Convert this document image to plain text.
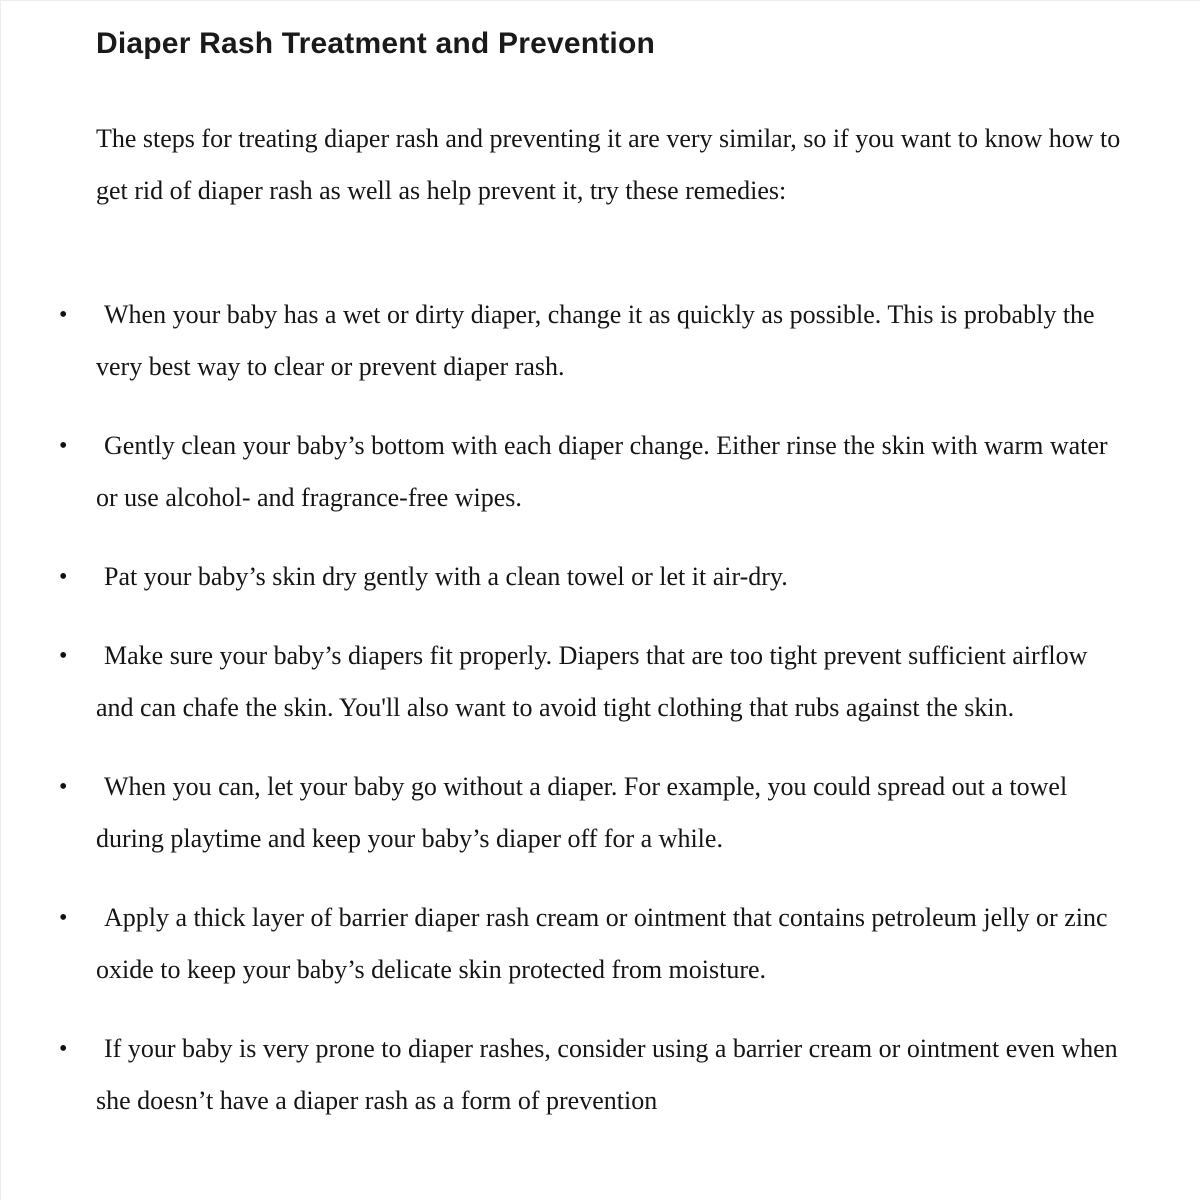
Diaper Rash Treatment and Prevention

The steps for treating diaper rash and preventing it are very similar, so if you want to know how to get rid of diaper rash as well as help prevent it, try these remedies:

• When your baby has a wet or dirty diaper, change it as quickly as possible. This is probably the very best way to clear or prevent diaper rash.
• Gently clean your baby’s bottom with each diaper change. Either rinse the skin with warm water or use alcohol- and fragrance-free wipes.
• Pat your baby’s skin dry gently with a clean towel or let it air-dry.
• Make sure your baby’s diapers fit properly. Diapers that are too tight prevent sufficient airflow and can chafe the skin. You'll also want to avoid tight clothing that rubs against the skin.
• When you can, let your baby go without a diaper. For example, you could spread out a towel during playtime and keep your baby’s diaper off for a while.
• Apply a thick layer of barrier diaper rash cream or ointment that contains petroleum jelly or zinc oxide to keep your baby’s delicate skin protected from moisture.
• If your baby is very prone to diaper rashes, consider using a barrier cream or ointment even when she doesn’t have a diaper rash as a form of prevention
